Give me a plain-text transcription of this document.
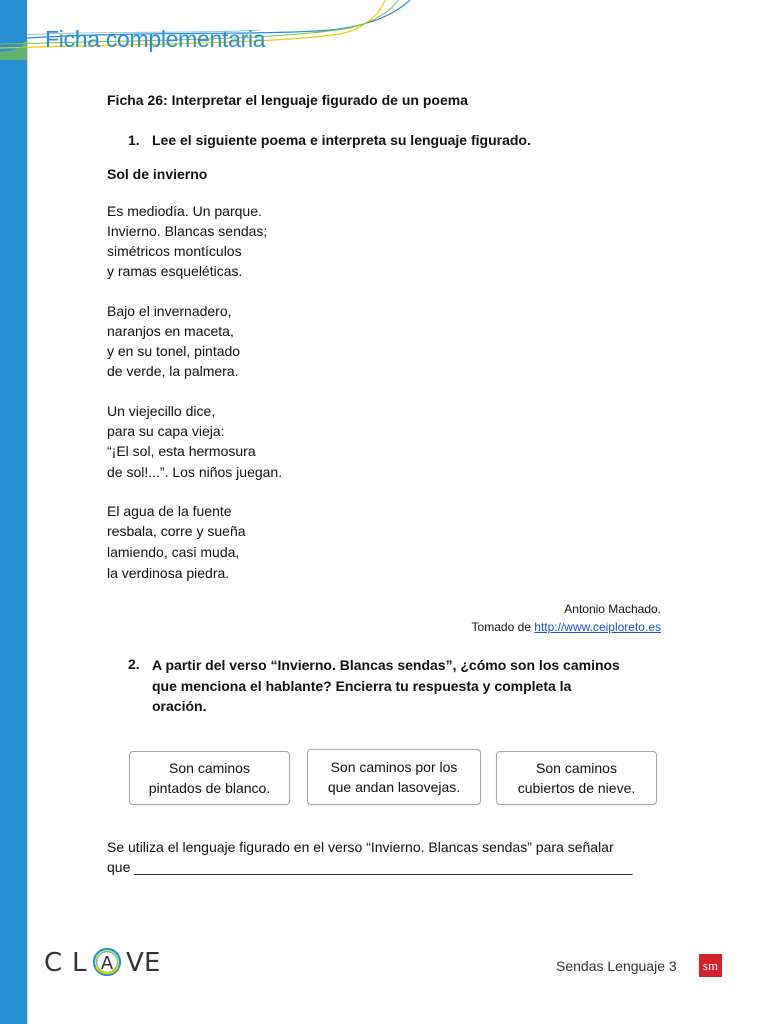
Ficha complementaria
Ficha 26: Interpretar el lenguaje figurado de un poema
1. Lee el siguiente poema e interpreta su lenguaje figurado.
Sol de invierno
Es mediodía. Un parque.
Invierno. Blancas sendas;
simétricos montículos
y ramas esqueléticas.
Bajo el invernadero,
naranjos en maceta,
y en su tonel, pintado
de verde, la palmera.
Un viejecillo dice,
para su capa vieja:
“¡El sol, esta hermosura
de sol!...”. Los niños juegan.
El agua de la fuente
resbala, corre y sueña
lamiendo, casi muda,
la verdinosa piedra.
Antonio Machado.
Tomado de http://www.ceiploreto.es
2. A partir del verso “Invierno. Blancas sendas”, ¿cómo son los caminos
que menciona el hablante? Encierra tu respuesta y completa la
oración.
Son caminos
pintados de blanco.
Son caminos por los
que andan lasovejas.
Son caminos
cubiertos de nieve.
Se utiliza el lenguaje figurado en el verso “Invierno. Blancas sendas” para señalar
que ________________________________________________________________
C L A V E	Sendas Lenguaje 3	sm
